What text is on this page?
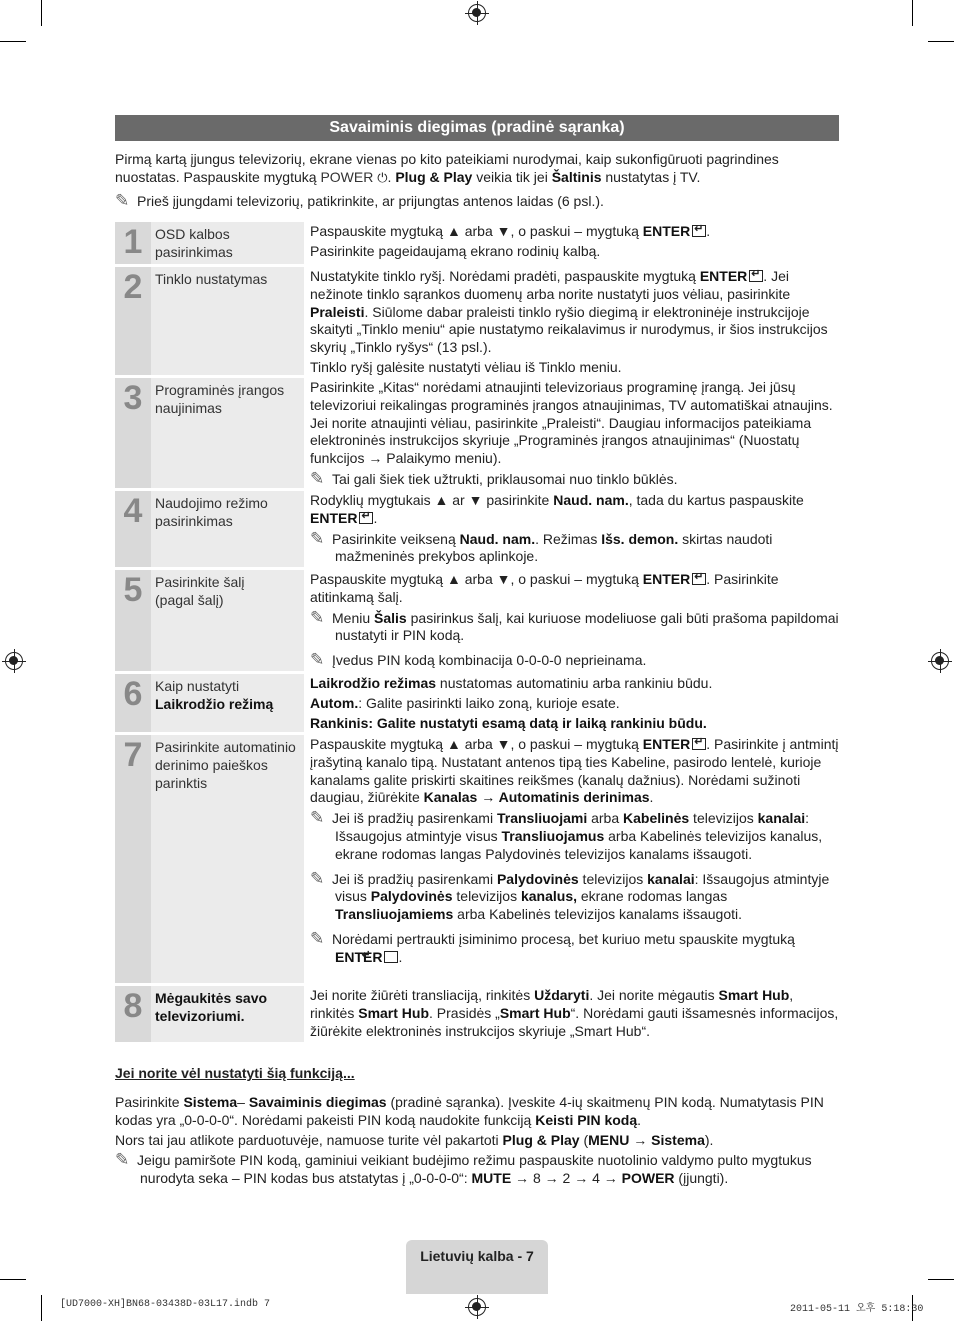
Savaiminis diegimas (pradinė sąranka)

Pirmą kartą įjungus televizorių, ekrane vienas po kito pateikiami nurodymai, kaip sukonfigūruoti pagrindines nuostatas. Paspauskite mygtuką POWER ⏻. Plug & Play veikia tik jei Šaltinis nustatytas į TV.

✎ Prieš įjungdami televizorių, patikrinkite, ar prijungtas antenos laidas (6 psl.).

1 OSD kalbos pasirinkimas

Paspauskite mygtuką ▲ arba ▼, o paskui – mygtuką ENTER ↵ .

Pasirinkite pageidaujamą ekrano rodinių kalbą.

2 Tinklo nustatymas	Nustatykite tinklo ryšį. Norėdami pradėti, paspauskite mygtuką ENTER ↵ . Jei nežinote tinklo sąrankos duomenų arba norite nustatyti juos vėliau, pasirinkite Praleisti. Siūlome dabar praleisti tinklo ryšio diegimą ir elektroninėje instrukcijoje skaityti „Tinklo meniu“ apie nustatymo reikalavimus ir nurodymus, ir šios instrukcijos skyrių „Tinklo ryšys“ (13 psl.).

Tinklo ryšį galėsite nustatyti vėliau iš Tinklo meniu.

3 Programinės įrangos naujinimas

Pasirinkite „Kitas“ norėdami atnaujinti televizoriaus programinę įrangą. Jei jūsų televizoriui reikalingas programinės įrangos atnaujinimas, TV automatiškai atnaujins. Jei norite atnaujinti vėliau, pasirinkite „Praleisti“. Daugiau informacijos pateikiama elektroninės instrukcijos skyriuje „Programinės įrangos atnaujinimas“ (Nuostatų funkcijos → Palaikymo meniu).

✎ Tai gali šiek tiek užtrukti, priklausomai nuo tinklo būklės.

4 Naudojimo režimo pasirinkimas

Rodyklių mygtukais ▲ ar ▼ pasirinkite Naud. nam., tada du kartus paspauskite ENTER ↵ .

✎ Pasirinkite veikseną Naud. nam.. Režimas Išs. demon. skirtas naudoti mažmeninės prekybos aplinkoje.

5 Pasirinkite šalį
(pagal šalį)

Paspauskite mygtuką ▲ arba ▼, o paskui – mygtuką ENTER ↵ . Pasirinkite atitinkamą šalį.

✎ Meniu Šalis pasirinkus šalį, kai kuriuose modeliuose gali būti prašoma papildomai nustatyti ir PIN kodą.

✎ Įvedus PIN kodą kombinacija 0-0-0-0 neprieinama.

6 Kaip nustatyti
Laikrodžio režimą

Laikrodžio režimas nustatomas automatiniu arba rankiniu būdu.

Autom.: Galite pasirinkti laiko zoną, kurioje esate.

Rankinis: Galite nustatyti esamą datą ir laiką rankiniu būdu.

7 Pasirinkite automatinio derinimo paieškos parinktis

Paspauskite mygtuką ▲ arba ▼, o paskui – mygtuką ENTER ↵ . Pasirinkite į antmintį įrašytiną kanalo tipą. Nustatant antenos tipą ties Kabeline, pasirodo lentelė, kurioje kanalams galite priskirti skaitines reikšmes (kanalų dažnius). Norėdami sužinoti daugiau, žiūrėkite Kanalas → Automatinis derinimas.

✎ Jei iš pradžių pasirenkami Transliuojami arba Kabelinės televizijos kanalai: Išsaugojus atmintyje visus Transliuojamus arba Kabelinės televizijos kanalus, ekrane rodomas langas Palydovinės televizijos kanalams išsaugoti.

✎ Jei iš pradžių pasirenkami Palydovinės televizijos kanalai: Išsaugojus atmintyje visus Palydovinės televizijos kanalus, ekrane rodomas langas Transliuojamiems arba Kabelinės televizijos kanalams išsaugoti.

✎ Norėdami pertraukti įsiminimo procesą, bet kuriuo metu spauskite mygtuką ENTER ↵ .

8 Mėgaukitės savo televizoriumi.

Jei norite žiūrėti transliaciją, rinkitės Uždaryti. Jei norite mėgautis Smart Hub, rinkitės Smart Hub. Prasidės „Smart Hub“. Norėdami gauti išsamesnės informacijos, žiūrėkite elektroninės instrukcijos skyriuje „Smart Hub“.

Jei norite vėl nustatyti šią funkciją...

Pasirinkite Sistema– Savaiminis diegimas (pradinė sąranka). Įveskite 4-ių skaitmenų PIN kodą. Numatytasis PIN kodas yra „0-0-0-0“. Norėdami pakeisti PIN kodą naudokite funkciją Keisti PIN kodą.

Nors tai jau atlikote parduotuvėje, namuose turite vėl pakartoti Plug & Play (MENU → Sistema).

✎ Jeigu pamiršote PIN kodą, gaminiui veikiant budėjimo režimu paspauskite nuotolinio valdymo pulto mygtukus nurodyta seka – PIN kodas bus atstatytas į „0-0-0-0“: MUTE → 8 → 2 → 4 → POWER (įjungti).

Lietuvių kalba - 7
[UD7000-XH]BN68-03438D-03L17.indb 7	2011-05-11 오후 5:18:30
